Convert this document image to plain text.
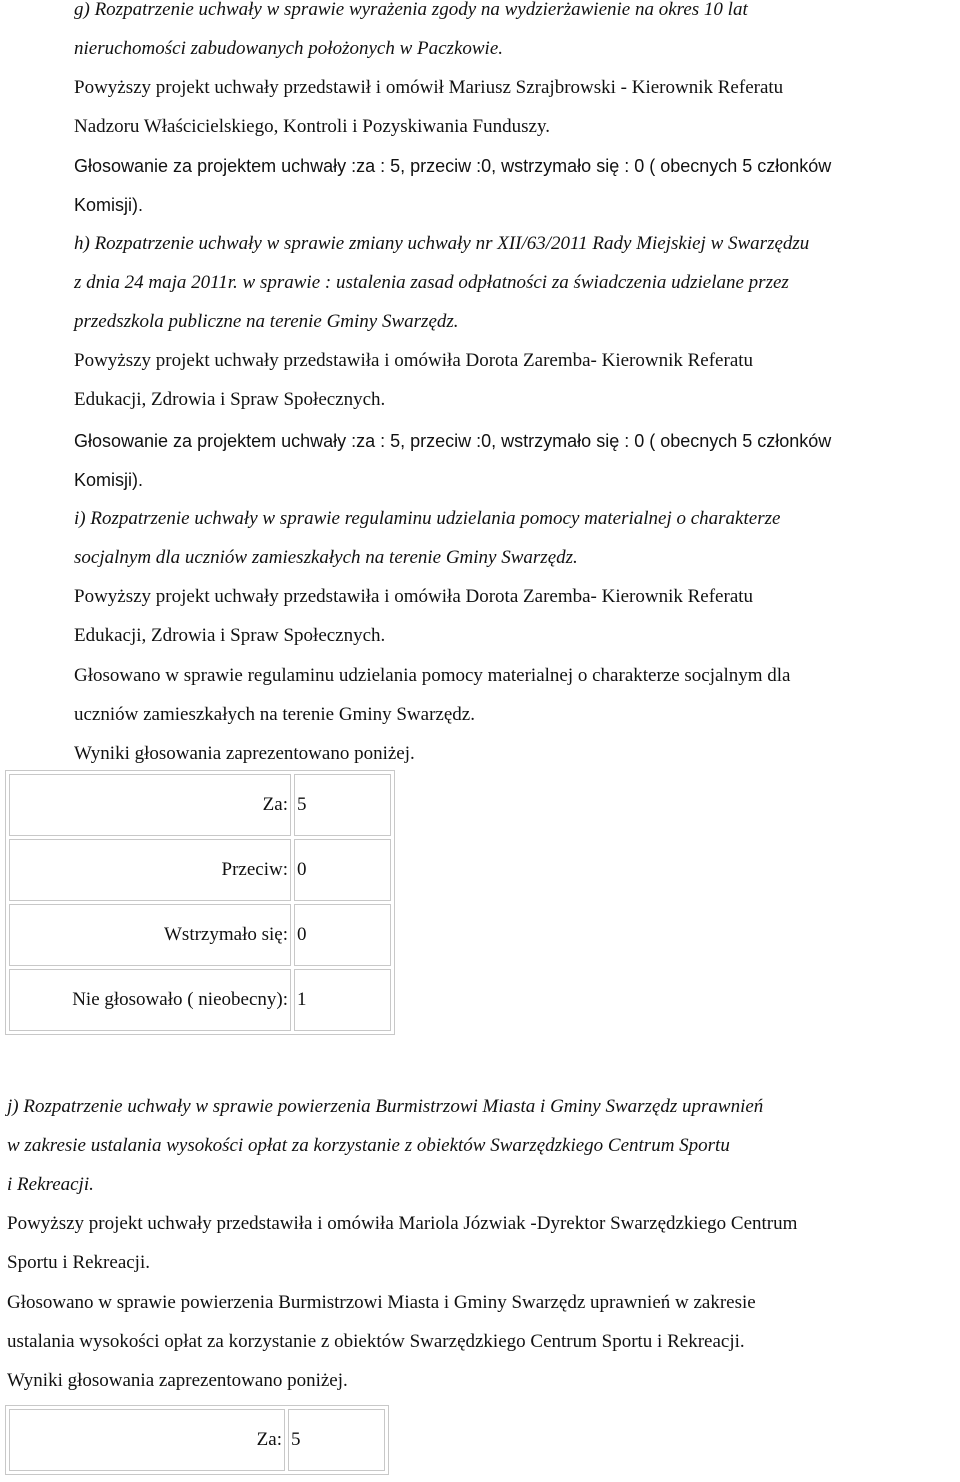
g) Rozpatrzenie uchwały w sprawie wyrażenia zgody na wydzierżawienie na okres 10 lat
nieruchomości zabudowanych położonych w Paczkowie.
Powyższy projekt uchwały przedstawił i omówił Mariusz Szrajbrowski - Kierownik Referatu
Nadzoru Właścicielskiego, Kontroli i Pozyskiwania Funduszy.
Głosowanie za projektem uchwały :za : 5, przeciw :0, wstrzymało się : 0 ( obecnych 5 członków
Komisji).
h) Rozpatrzenie uchwały w sprawie zmiany uchwały nr XII/63/2011 Rady Miejskiej w Swarzędzu
z dnia 24 maja 2011r. w sprawie : ustalenia zasad odpłatności za świadczenia udzielane przez
przedszkola publiczne na terenie Gminy Swarzędz.
Powyższy projekt uchwały przedstawiła i omówiła Dorota Zaremba- Kierownik Referatu
Edukacji, Zdrowia i Spraw Społecznych.
Głosowanie za projektem uchwały :za : 5, przeciw :0, wstrzymało się : 0 ( obecnych 5 członków
Komisji).
i) Rozpatrzenie uchwały w sprawie regulaminu udzielania pomocy materialnej o charakterze
socjalnym dla uczniów zamieszkałych na terenie Gminy Swarzędz.
Powyższy projekt uchwały przedstawiła i omówiła Dorota Zaremba- Kierownik Referatu
Edukacji, Zdrowia i Spraw Społecznych.
Głosowano w sprawie regulaminu udzielania pomocy materialnej o charakterze socjalnym dla
uczniów zamieszkałych na terenie Gminy Swarzędz.
Wyniki głosowania zaprezentowano poniżej.
Za:	5
Przeciw:	0
Wstrzymało się:	0
Nie głosowało ( nieobecny):	1
j) Rozpatrzenie uchwały w sprawie powierzenia Burmistrzowi Miasta i Gminy Swarzędz uprawnień
w zakresie ustalania wysokości opłat za korzystanie z obiektów Swarzędzkiego Centrum Sportu
i Rekreacji.
Powyższy projekt uchwały przedstawiła i omówiła Mariola Józwiak -Dyrektor Swarzędzkiego Centrum
Sportu i Rekreacji.
Głosowano w sprawie powierzenia Burmistrzowi Miasta i Gminy Swarzędz uprawnień w zakresie
ustalania wysokości opłat za korzystanie z obiektów Swarzędzkiego Centrum Sportu i Rekreacji.
Wyniki głosowania zaprezentowano poniżej.
Za:	5
